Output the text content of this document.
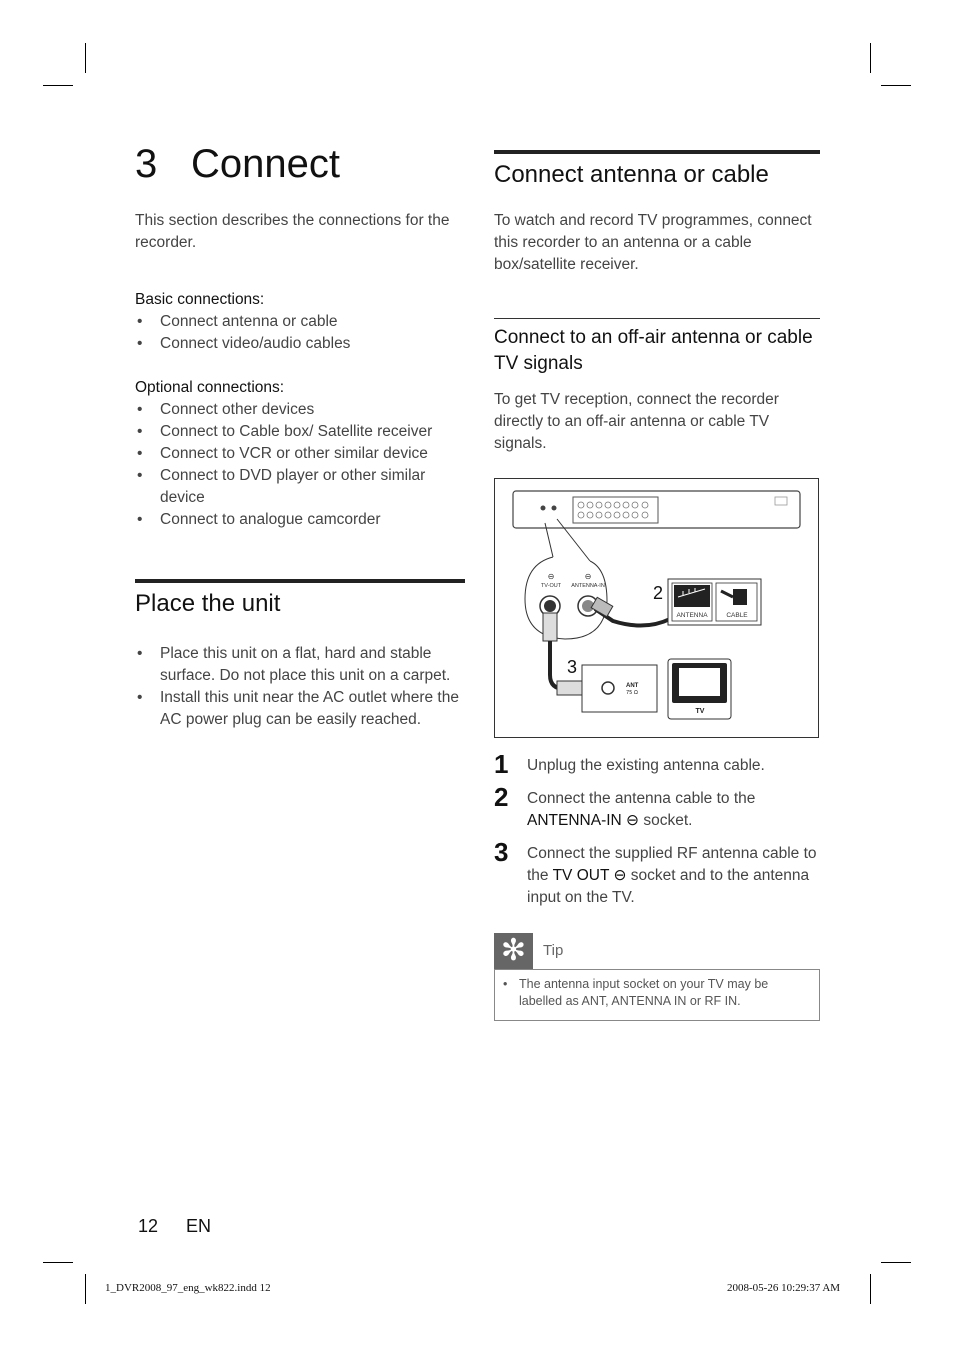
3 Connect

This section describes the connections for the recorder.

Basic connections:

• Connect antenna or cable
• Connect video/audio cables

Optional connections:

• Connect other devices
• Connect to Cable box/ Satellite receiver
• Connect to VCR or other similar device
• Connect to DVD player or other similar device
• Connect to analogue camcorder
Place the unit
• Place this unit on a flat, hard and stable surface. Do not place this unit on a carpet.
• Install this unit near the AC outlet where the AC power plug can be easily reached.
Connect antenna or cable

To watch and record TV programmes, connect this recorder to an antenna or a cable box/satellite receiver.

Connect to an off-air antenna or cable TV signals

To get TV reception, connect the recorder directly to an off-air antenna or cable TV signals.

TV-OUT ANTENNA-IN
⊖	⊖
2
3
ANTENNA	CABLE
ANT
75 Ω
TV
1 Unplug the existing antenna cable.
2 Connect the antenna cable to the ANTENNA-IN ⊖ socket.
3 Connect the supplied RF antenna cable to the TV OUT ⊖ socket and to the antenna input on the TV.
✻ Tip
• The antenna input socket on your TV may be labelled as ANT, ANTENNA IN or RF IN.
12 EN
1_DVR2008_97_eng_wk822.indd 12	2008-05-26 10:29:37 AM
